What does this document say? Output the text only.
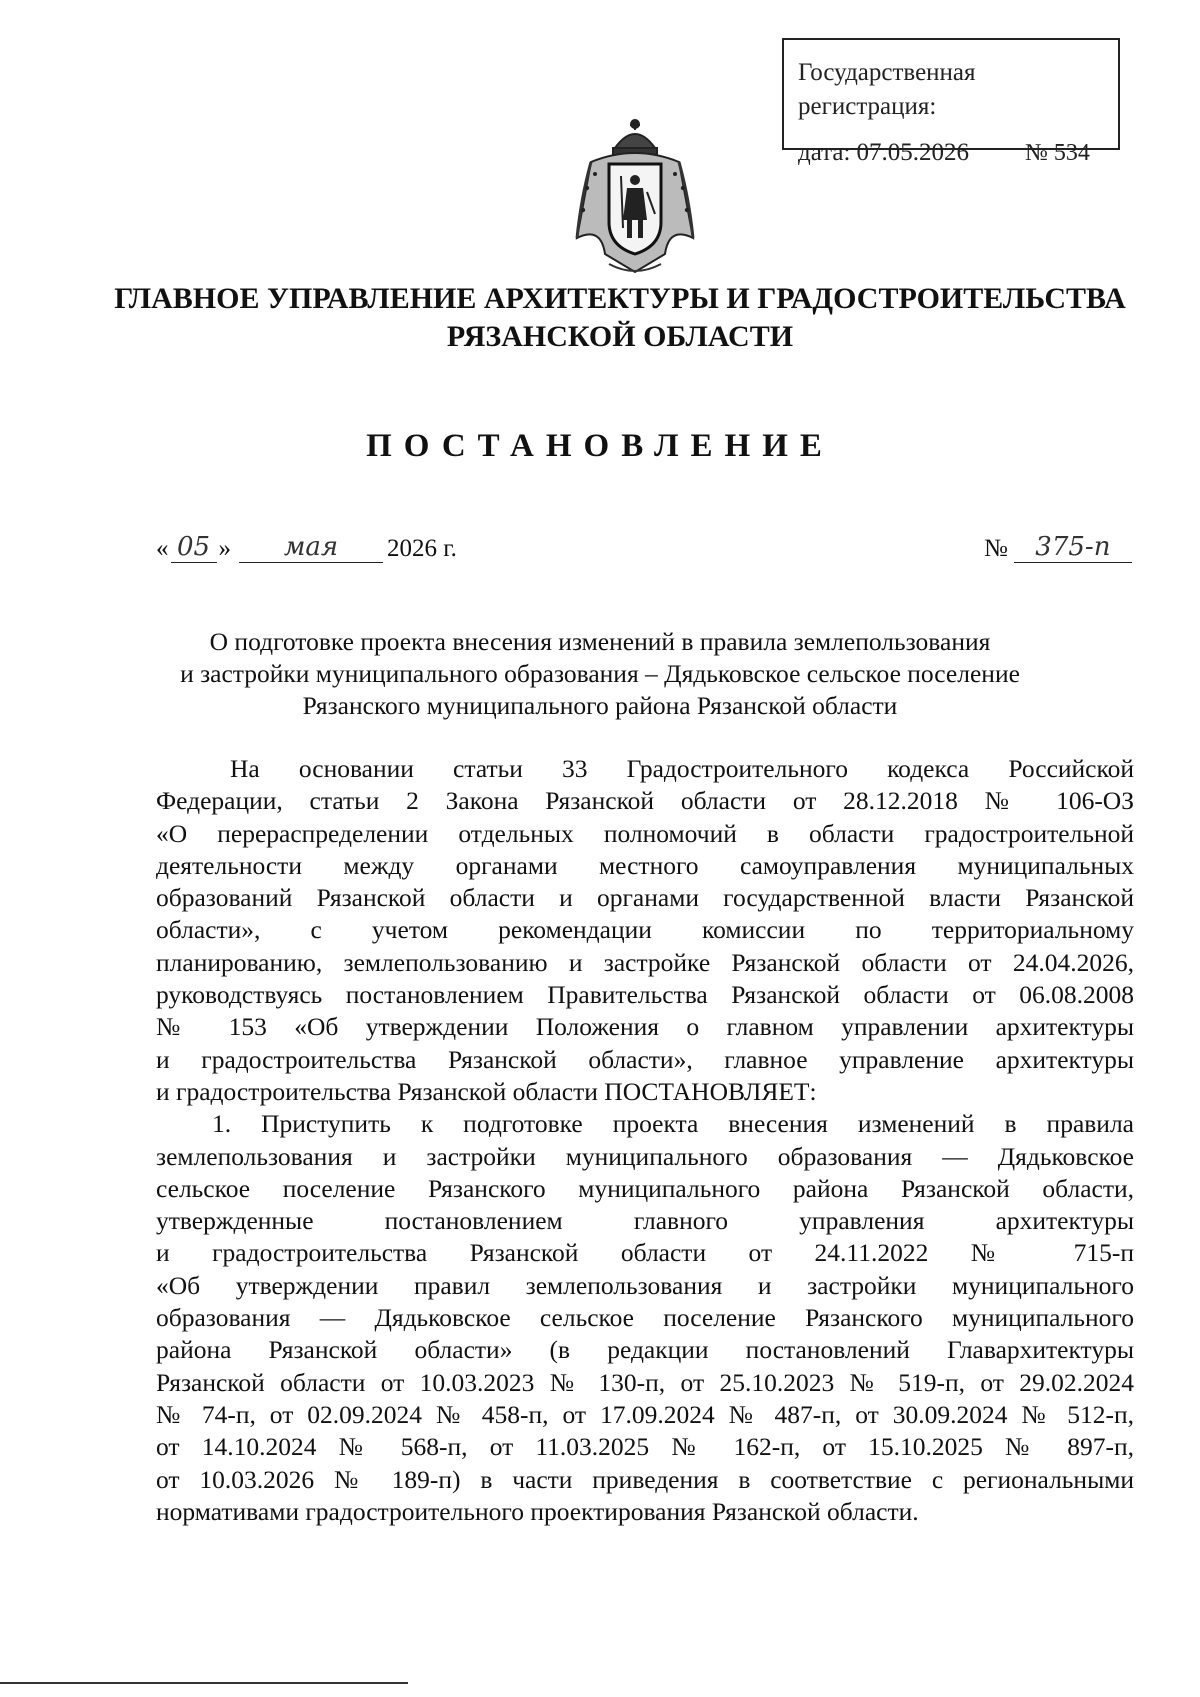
Государственная регистрация:
дата: 07.05.2026 № 534
ГЛАВНОЕ УПРАВЛЕНИЕ АРХИТЕКТУРЫ И ГРАДОСТРОИТЕЛЬСТВА
РЯЗАНСКОЙ ОБЛАСТИ
ПОСТАНОВЛЕНИЕ
« 05 »	мая	2026 г.	№	375-п
О подготовке проекта внесения изменений в правила землепользования
и застройки муниципального образования – Дядьковское сельское поселение
Рязанского муниципального района Рязанской области
На основании статьи 33 Градостроительного кодекса Российской
Федерации, статьи 2 Закона Рязанской области от 28.12.2018 № 106-ОЗ
«О перераспределении отдельных полномочий в области градостроительной
деятельности между органами местного самоуправления муниципальных
образований Рязанской области и органами государственной власти Рязанской
области», с учетом рекомендации комиссии по территориальному
планированию, землепользованию и застройке Рязанской области от 24.04.2026,
руководствуясь постановлением Правительства Рязанской области от 06.08.2008
№ 153 «Об утверждении Положения о главном управлении архитектуры
и градостроительства Рязанской области», главное управление архитектуры
и градостроительства Рязанской области ПОСТАНОВЛЯЕТ:
1. Приступить к подготовке проекта внесения изменений в правила
землепользования и застройки муниципального образования — Дядьковское
сельское поселение Рязанского муниципального района Рязанской области,
утвержденные постановлением главного управления архитектуры
и градостроительства Рязанской области от 24.11.2022 № 715-п
«Об утверждении правил землепользования и застройки муниципального
образования — Дядьковское сельское поселение Рязанского муниципального
района Рязанской области» (в редакции постановлений Главархитектуры
Рязанской области от 10.03.2023 № 130-п, от 25.10.2023 № 519-п, от 29.02.2024
№ 74-п, от 02.09.2024 № 458-п, от 17.09.2024 № 487-п, от 30.09.2024 № 512-п,
от 14.10.2024 № 568-п, от 11.03.2025 № 162-п, от 15.10.2025 № 897-п,
от 10.03.2026 № 189-п) в части приведения в соответствие с региональными
нормативами градостроительного проектирования Рязанской области.
